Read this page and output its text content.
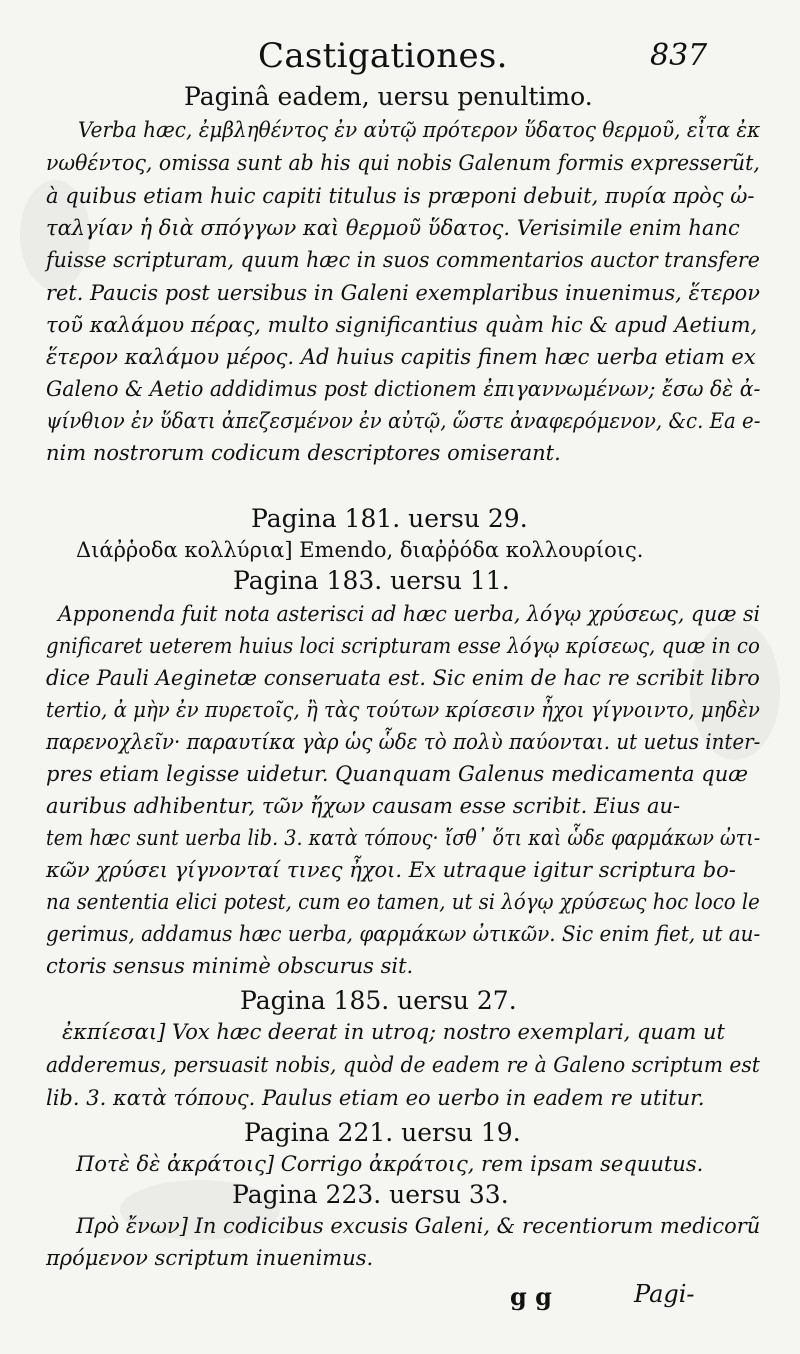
Castigationes.	837
Paginâ eadem, uersu penultimo.
Verba hæc, ἐμβληθέντος ἐν αὐτῷ πρότερον ὕδατος θερμοῦ, εἶτα ἐκ
νωθέντος, omissa sunt ab his qui nobis Galenum formis expresserũt,
à quibus etiam huic capiti titulus is præponi debuit, πυρία πρὸς ὠ-
ταλγίαν ἡ διὰ σπόγγων καὶ θερμοῦ ὕδατος. Verisimile enim hanc
fuisse scripturam, quum hæc in suos commentarios auctor transfere
ret. Paucis post uersibus in Galeni exemplaribus inuenimus, ἕτερον
τοῦ καλάμου πέρας, multo significantius quàm hic & apud Aetium,
ἕτερον καλάμου μέρος. Ad huius capitis finem hæc uerba etiam ex
Galeno & Aetio addidimus post dictionem ἐπιγαννωμένων; ἔσω δὲ ἀ-
ψίνθιον ἐν ὕδατι ἀπεζεσμένον ἐν αὐτῷ, ὥστε ἀναφερόμενον, &c. Ea e-
nim nostrorum codicum descriptores omiserant.
Pagina 181. uersu 29.
Διάῤῥοδα κολλύρια] Emendo, διαῤῥόδα κολλουρίοις.
Pagina 183. uersu 11.
Apponenda fuit nota asterisci ad hæc uerba, λόγῳ χρύσεως, quæ si
gnificaret ueterem huius loci scripturam esse λόγῳ κρίσεως, quæ in co
dice Pauli Aeginetæ conseruata est. Sic enim de hac re scribit libro
tertio, ἀ μὴν ἐν πυρετοῖς, ἢ τὰς τούτων κρίσεσιν ἦχοι γίγνοιντο, μηδὲν
παρενοχλεῖν· παραυτίκα γὰρ ὡς ὧδε τὸ πολὺ παύονται. ut uetus inter-
pres etiam legisse uidetur. Quanquam Galenus medicamenta quæ
auribus adhibentur, τῶν ἤχων causam esse scribit. Eius au-
tem hæc sunt uerba lib. 3. κατὰ τόπους· ἴσθ᾽ ὅτι καὶ ὧδε φαρμάκων ὠτι-
κῶν χρύσει γίγνονταί τινες ἦχοι. Ex utraque igitur scriptura bo-
na sententia elici potest, cum eo tamen, ut si λόγῳ χρύσεως hoc loco le
gerimus, addamus hæc uerba, φαρμάκων ὠτικῶν. Sic enim fiet, ut au-
ctoris sensus minimè obscurus sit.
Pagina 185. uersu 27.
ἐκπίεσαι] Vox hæc deerat in utroq; nostro exemplari, quam ut
adderemus, persuasit nobis, quòd de eadem re à Galeno scriptum est
lib. 3. κατὰ τόπους. Paulus etiam eo uerbo in eadem re utitur.
Pagina 221. uersu 19.
Ποτὲ δὲ ἀκράτοις] Corrigo ἀκράτοις, rem ipsam sequutus.
Pagina 223. uersu 33.
Πρὸ ἔνων] In codicibus excusis Galeni, & recentiorum medicorũ
πρόμενον scriptum inuenimus.
g g	Pagi-
